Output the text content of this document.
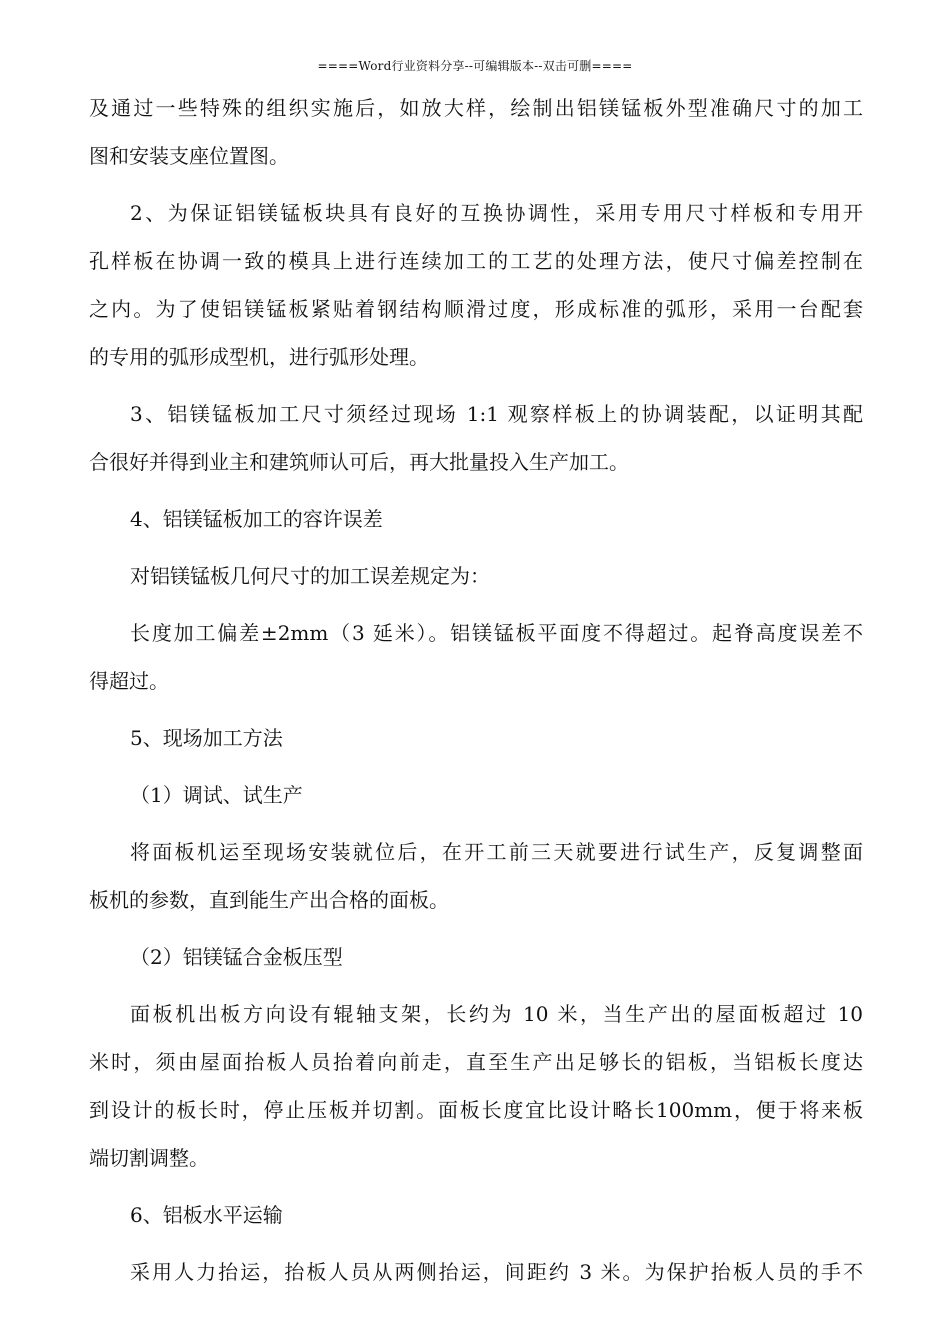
====Word行业资料分享--可编辑版本--双击可删====
及通过一些特殊的组织实施后，如放大样，绘制出铝镁锰板外型准确尺寸的加工
图和安装支座位置图。
2、为保证铝镁锰板块具有良好的互换协调性，采用专用尺寸样板和专用开
孔样板在协调一致的模具上进行连续加工的工艺的处理方法，使尺寸偏差控制在
之内。为了使铝镁锰板紧贴着钢结构顺滑过度，形成标准的弧形，采用一台配套
的专用的弧形成型机，进行弧形处理。
3、铝镁锰板加工尺寸须经过现场 1:1 观察样板上的协调装配，以证明其配
合很好并得到业主和建筑师认可后，再大批量投入生产加工。
4、铝镁锰板加工的容许误差
对铝镁锰板几何尺寸的加工误差规定为：
长度加工偏差±2mm（3 延米）。铝镁锰板平面度不得超过。起脊高度误差不
得超过。
5、现场加工方法
（1）调试、试生产
将面板机运至现场安装就位后，在开工前三天就要进行试生产，反复调整面
板机的参数，直到能生产出合格的面板。
（2）铝镁锰合金板压型
面板机出板方向设有辊轴支架，长约为 10 米，当生产出的屋面板超过 10
米时，须由屋面抬板人员抬着向前走，直至生产出足够长的铝板，当铝板长度达
到设计的板长时，停止压板并切割。面板长度宜比设计略长100mm，便于将来板
端切割调整。
6、铝板水平运输
采用人力抬运，抬板人员从两侧抬运，间距约 3 米。为保护抬板人员的手不
